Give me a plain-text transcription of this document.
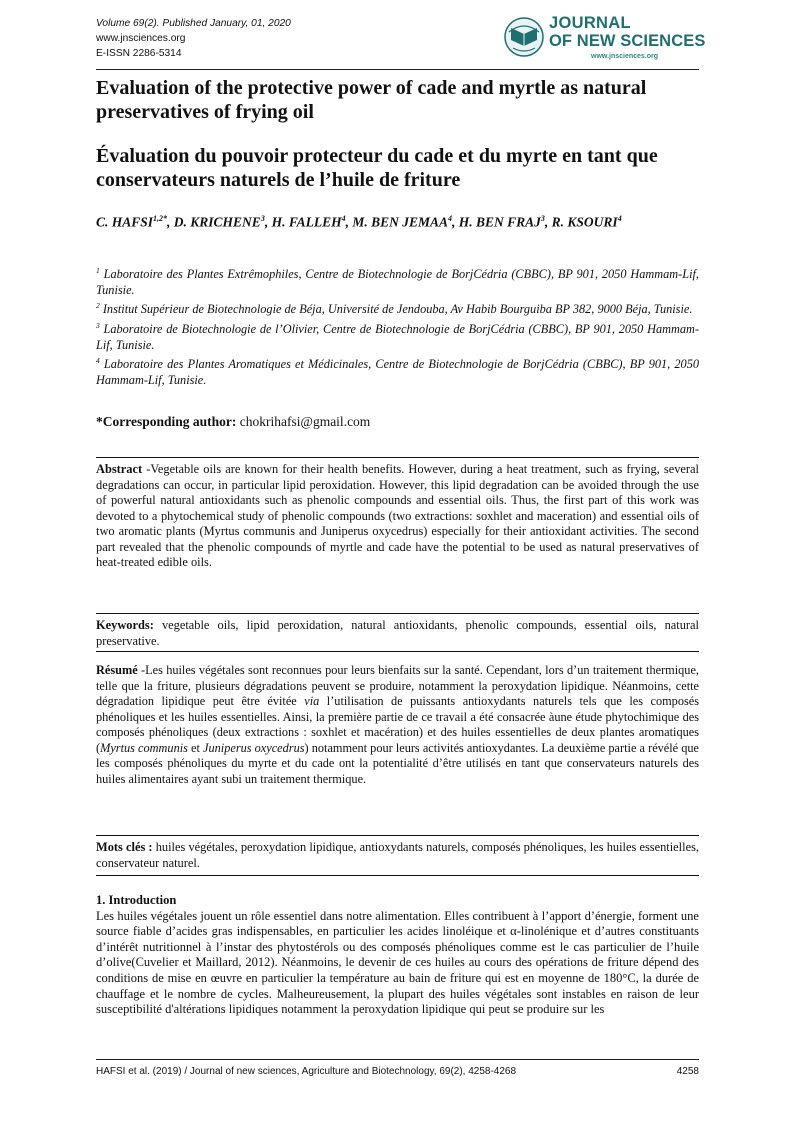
Volume 69(2). Published January, 01, 2020
www.jnsciences.org
E-ISSN 2286-5314
JOURNAL
OF NEW SCIENCES
www.jnsciences.org
Evaluation of the protective power of cade and myrtle as natural preservatives of frying oil
Évaluation du pouvoir protecteur du cade et du myrte en tant que conservateurs naturels de l’huile de friture
C. $HAFSI^{1,2*}$, D. KRICHENE$^3$, H. FALLEH$^4$, M. BEN JEMAA$^4$, H. BEN FRAJ$^3$, R. KSOURI$^4$

$^1$ Laboratoire des Plantes Extrêmophiles, Centre de Biotechnologie de BorjCédria (CBBC), BP 901, 2050 Hammam-Lif, Tunisie.

$^2$ Institut Supérieur de Biotechnologie de Béja, Université de Jendouba, Av Habib Bourguiba BP 382, 9000 Béja, Tunisie.

$^3$ Laboratoire de Biotechnologie de l’Olivier, Centre de Biotechnologie de BorjCédria (CBBC), BP 901, 2050 Hammam-Lif, Tunisie.

$^4$ Laboratoire des Plantes Aromatiques et Médicinales, Centre de Biotechnologie de BorjCédria (CBBC), BP 901, 2050 Hammam-Lif, Tunisie.

*Corresponding author: chokrihafsi@gmail.com
Abstract -Vegetable oils are known for their health benefits. However, during a heat treatment, such as frying, several degradations can occur, in particular lipid peroxidation. However, this lipid degradation can be avoided through the use of powerful natural antioxidants such as phenolic compounds and essential oils. Thus, the first part of this work was devoted to a phytochemical study of phenolic compounds (two extractions: soxhlet and maceration) and essential oils of two aromatic plants (Myrtus communis and Juniperus oxycedrus) especially for their antioxidant activities. The second part revealed that the phenolic compounds of myrtle and cade have the potential to be used as natural preservatives of heat-treated edible oils.
Keywords: vegetable oils, lipid peroxidation, natural antioxidants, phenolic compounds, essential oils, natural preservative.
Résumé -Les huiles végétales sont reconnues pour leurs bienfaits sur la santé. Cependant, lors d’un traitement thermique, telle que la friture, plusieurs dégradations peuvent se produire, notamment la peroxydation lipidique. Néanmoins, cette dégradation lipidique peut être évitée via l’utilisation de puissants antioxydants naturels tels que les composés phénoliques et les huiles essentielles. Ainsi, la première partie de ce travail a été consacrée àune étude phytochimique des composés phénoliques (deux extractions : soxhlet et macération) et des huiles essentielles de deux plantes aromatiques (Myrtus communis et Juniperus oxycedrus) notamment pour leurs activités antioxydantes. La deuxième partie a révélé que les composés phénoliques du myrte et du cade ont la potentialité d’être utilisés en tant que conservateurs naturels des huiles alimentaires ayant subi un traitement thermique.
Mots clés : huiles végétales, peroxydation lipidique, antioxydants naturels, composés phénoliques, les huiles essentielles, conservateur naturel.
1. Introduction
Les huiles végétales jouent un rôle essentiel dans notre alimentation. Elles contribuent à l’apport d’énergie, forment une source fiable d’acides gras indispensables, en particulier les acides linoléique et α-linolénique et d’autres constituants d’intérêt nutritionnel à l’instar des phytostérols ou des composés phénoliques comme est le cas particulier de l’huile d’olive(Cuvelier et Maillard, 2012). Néanmoins, le devenir de ces huiles au cours des opérations de friture dépend des conditions de mise en œuvre en particulier la température au bain de friture qui est en moyenne de 180°C, la durée de chauffage et le nombre de cycles. Malheureusement, la plupart des huiles végétales sont instables en raison de leur susceptibilité d'altérations lipidiques notamment la peroxydation lipidique qui peut se produire sur les
HAFSI et al. (2019) / Journal of new sciences, Agriculture and Biotechnology, 69(2), 4258-4268	4258
